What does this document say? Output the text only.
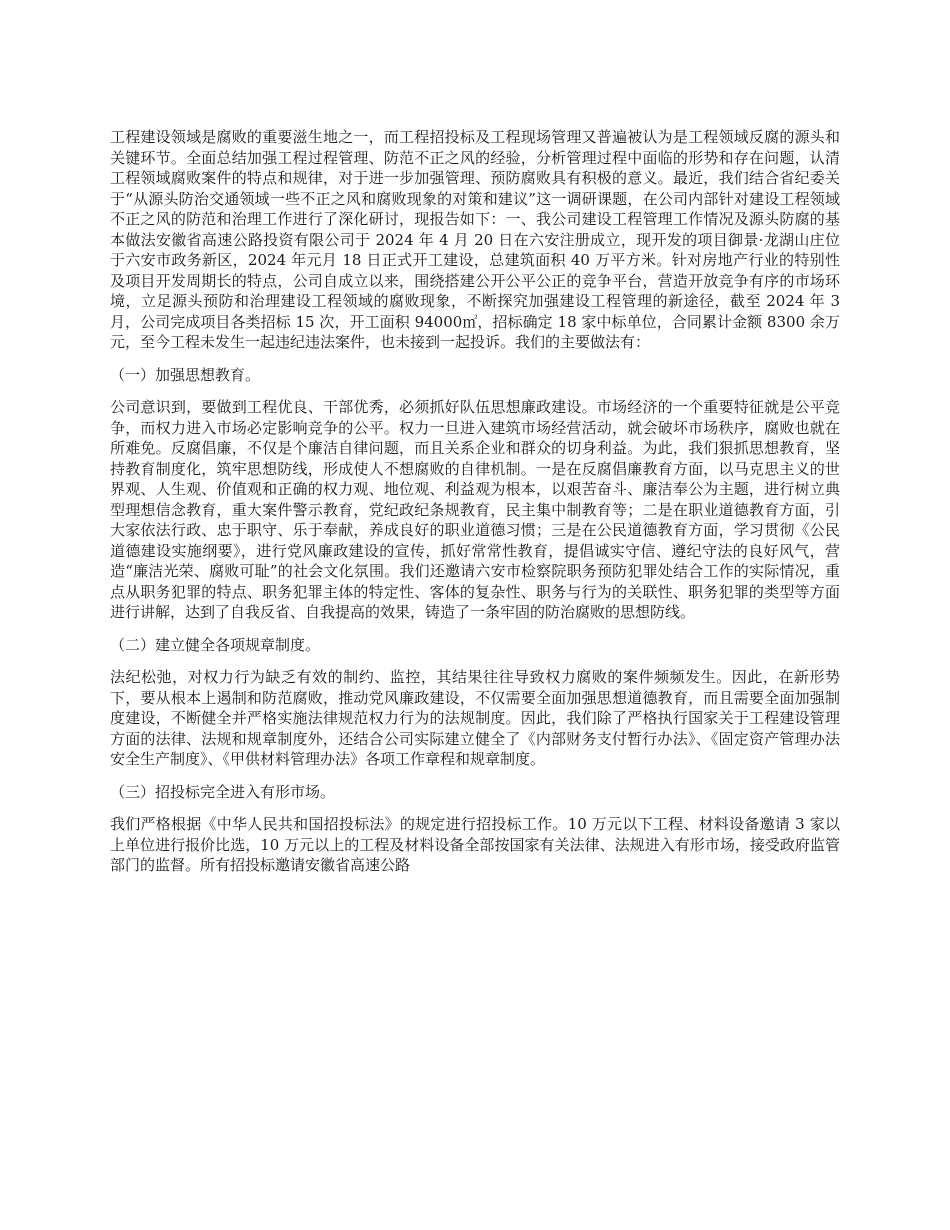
工程建设领域是腐败的重要滋生地之一，而工程招投标及工程现场管理又普遍被认为是工程领域反腐的源头和关键环节。全面总结加强工程过程管理、防范不正之风的经验，分析管理过程中面临的形势和存在问题，认清工程领域腐败案件的特点和规律，对于进一步加强管理、预防腐败具有积极的意义。最近，我们结合省纪委关于“从源头防治交通领域一些不正之风和腐败现象的对策和建议”这一调研课题，在公司内部针对建设工程领域不正之风的防范和治理工作进行了深化研讨，现报告如下：一、我公司建设工程管理工作情况及源头防腐的基本做法安徽省高速公路投资有限公司于 2024 年 4 月 20 日在六安注册成立，现开发的项目御景·龙湖山庄位于六安市政务新区，2024 年元月 18 日正式开工建设，总建筑面积 40 万平方米。针对房地产行业的特别性及项目开发周期长的特点，公司自成立以来，围绕搭建公开公平公正的竞争平台，营造开放竞争有序的市场环境，立足源头预防和治理建设工程领域的腐败现象，不断探究加强建设工程管理的新途径，截至 2024 年 3 月，公司完成项目各类招标 15 次，开工面积 94000㎡，招标确定 18 家中标单位，合同累计金额 8300 余万元，至今工程未发生一起违纪违法案件，也未接到一起投诉。我们的主要做法有：

（一）加强思想教育。

公司意识到，要做到工程优良、干部优秀，必须抓好队伍思想廉政建设。市场经济的一个重要特征就是公平竞争，而权力进入市场必定影响竞争的公平。权力一旦进入建筑市场经营活动，就会破坏市场秩序，腐败也就在所难免。反腐倡廉，不仅是个廉洁自律问题，而且关系企业和群众的切身利益。为此，我们狠抓思想教育，坚持教育制度化，筑牢思想防线，形成使人不想腐败的自律机制。一是在反腐倡廉教育方面，以马克思主义的世界观、人生观、价值观和正确的权力观、地位观、利益观为根本，以艰苦奋斗、廉洁奉公为主题，进行树立典型理想信念教育，重大案件警示教育，党纪政纪条规教育，民主集中制教育等；二是在职业道德教育方面，引大家依法行政、忠于职守、乐于奉献，养成良好的职业道德习惯；三是在公民道德教育方面，学习贯彻《公民道德建设实施纲要》，进行党风廉政建设的宣传，抓好常常性教育，提倡诚实守信、遵纪守法的良好风气，营造“廉洁光荣、腐败可耻”的社会文化氛围。我们还邀请六安市检察院职务预防犯罪处结合工作的实际情况，重点从职务犯罪的特点、职务犯罪主体的特定性、客体的复杂性、职务与行为的关联性、职务犯罪的类型等方面进行讲解，达到了自我反省、自我提高的效果，铸造了一条牢固的防治腐败的思想防线。

（二）建立健全各项规章制度。

法纪松弛，对权力行为缺乏有效的制约、监控，其结果往往导致权力腐败的案件频频发生。因此，在新形势下，要从根本上遏制和防范腐败，推动党风廉政建设，不仅需要全面加强思想道德教育，而且需要全面加强制度建设，不断健全并严格实施法律规范权力行为的法规制度。因此，我们除了严格执行国家关于工程建设管理方面的法律、法规和规章制度外，还结合公司实际建立健全了《内部财务支付暂行办法》、《固定资产管理办法安全生产制度》、《甲供材料管理办法》各项工作章程和规章制度。

（三）招投标完全进入有形市场。

我们严格根据《中华人民共和国招投标法》的规定进行招投标工作。10 万元以下工程、材料设备邀请 3 家以上单位进行报价比选，10 万元以上的工程及材料设备全部按国家有关法律、法规进入有形市场，接受政府监管部门的监督。所有招投标邀请安徽省高速公路
